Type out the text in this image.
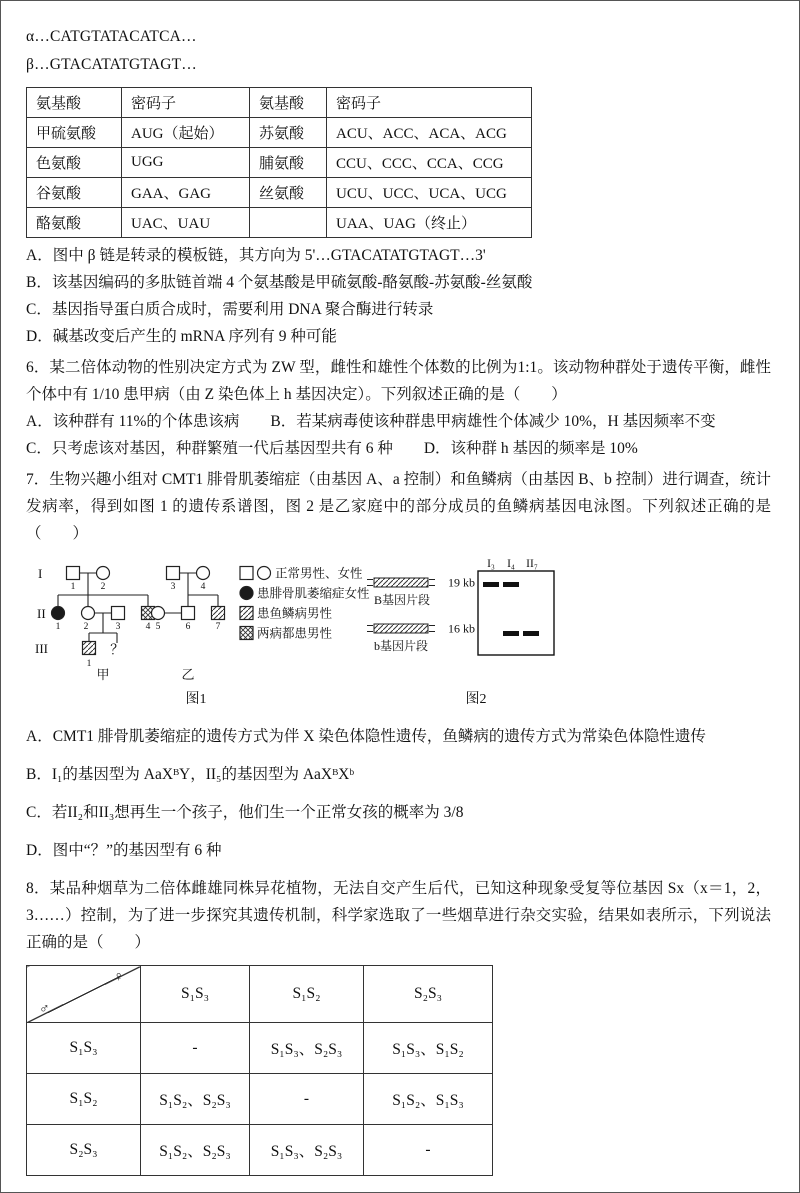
α…CATGTATACATCA…

β…GTACATATGTAGT…

氨基酸	密码子	氨基酸	密码子
甲硫氨酸	AUG（起始）	苏氨酸	ACU、ACC、ACA、ACG
色氨酸	UGG	脯氨酸	CCU、CCC、CCA、CCG
谷氨酸	GAA、GAG	丝氨酸	UCU、UCC、UCA、UCG
酪氨酸	UAC、UAU		UAA、UAG（终止）

A．图中 β 链是转录的模板链，其方向为 5'…GTACATATGTAGT…3'

B．该基因编码的多肽链首端 4 个氨基酸是甲硫氨酸-酪氨酸-苏氨酸-丝氨酸

C．基因指导蛋白质合成时，需要利用 DNA 聚合酶进行转录

D．碱基改变后产生的 mRNA 序列有 9 种可能

6．某二倍体动物的性别决定方式为 ZW 型，雌性和雄性个体数的比例为1:1。该动物种群处于遗传平衡，雌性个体中有 1/10 患甲病（由 Z 染色体上 h 基因决定）。下列叙述正确的是（　　）

A．该种群有 11%的个体患该病　　B．若某病毒使该种群患甲病雄性个体减少 10%，H 基因频率不变

C．只考虑该对基因，种群繁殖一代后基因型共有 6 种　　D．该种群 h 基因的频率是 10%

7．生物兴趣小组对 CMT1 腓骨肌萎缩症（由基因 A、a 控制）和鱼鳞病（由基因 B、b 控制）进行调查，统计发病率，得到如图 1 的遗传系谱图，图 2 是乙家庭中的部分成员的鱼鳞病基因电泳图。下列叙述正确的是（　　）

I
II
III
1	2
1 2	3	4
1
3	4
5	6	7
？
甲	乙
图1
正常男性、女性
患腓骨肌萎缩症女性
患鱼鳞病男性
两病都患男性
I₃ I₄ II₇
19 kb
B基因片段
16 kb
b基因片段
图2

A．CMT1 腓骨肌萎缩症的遗传方式为伴 X 染色体隐性遗传，鱼鳞病的遗传方式为常染色体隐性遗传

B．I₁的基因型为 AaXᴮY，II₅的基因型为 AaXᴮXᵇ

C．若II₂和II₃想再生一个孩子，他们生一个正常女孩的概率为 3/8

D．图中“？”的基因型有 6 种

8．某品种烟草为二倍体雌雄同株异花植物，无法自交产生后代，已知这种现象受复等位基因 Sx（x＝1，2，3……）控制，为了进一步探究其遗传机制，科学家选取了一些烟草进行杂交实验，结果如表所示，下列说法正确的是（　　）

♀
♂	S₁S₃	S₁S₂	S₂S₃
S₁S₃	-	S₁S₃、S₂S₃	S₁S₃、S₁S₂
S₁S₂	S₁S₂、S₂S₃	-	S₁S₂、S₁S₃
S₂S₃	S₁S₂、S₂S₃	S₁S₃、S₂S₃	-
